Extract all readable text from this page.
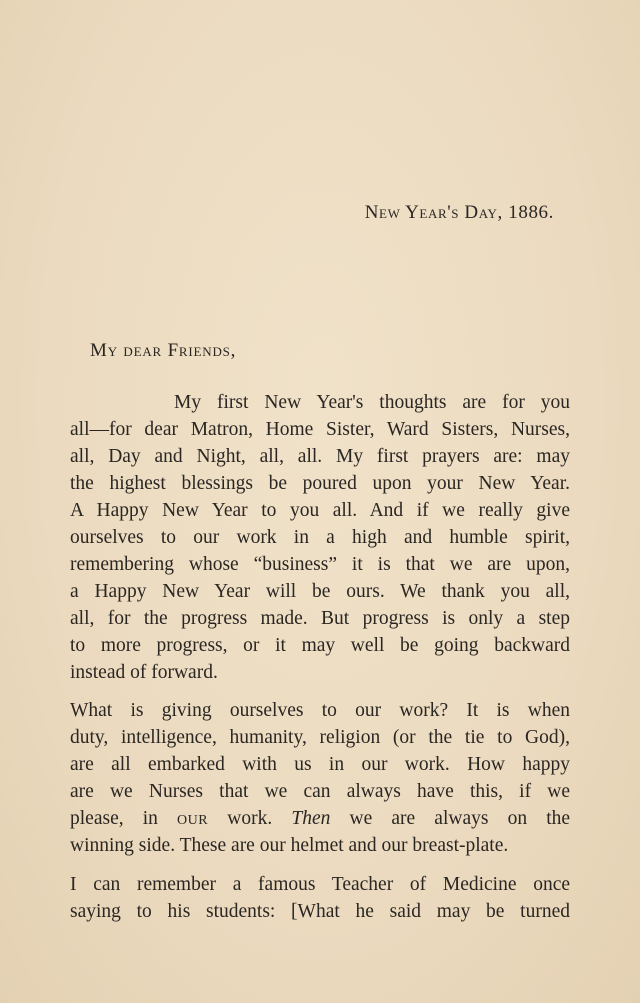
New Year's Day, 1886.
My dear Friends,
My first New Year's thoughts are for you
all—for dear Matron, Home Sister, Ward Sisters, Nurses,
all, Day and Night, all, all. My first prayers are: may
the highest blessings be poured upon your New Year.
A Happy New Year to you all. And if we really give
ourselves to our work in a high and humble spirit,
remembering whose “business” it is that we are upon,
a Happy New Year will be ours. We thank you all,
all, for the progress made. But progress is only a step
to more progress, or it may well be going backward
instead of forward.
What is giving ourselves to our work? It is when
duty, intelligence, humanity, religion (or the tie to God),
are all embarked with us in our work. How happy
are we Nurses that we can always have this, if we
please, in our work. Then we are always on the
winning side. These are our helmet and our breast-plate.
I can remember a famous Teacher of Medicine once
saying to his students: [What he said may be turned
